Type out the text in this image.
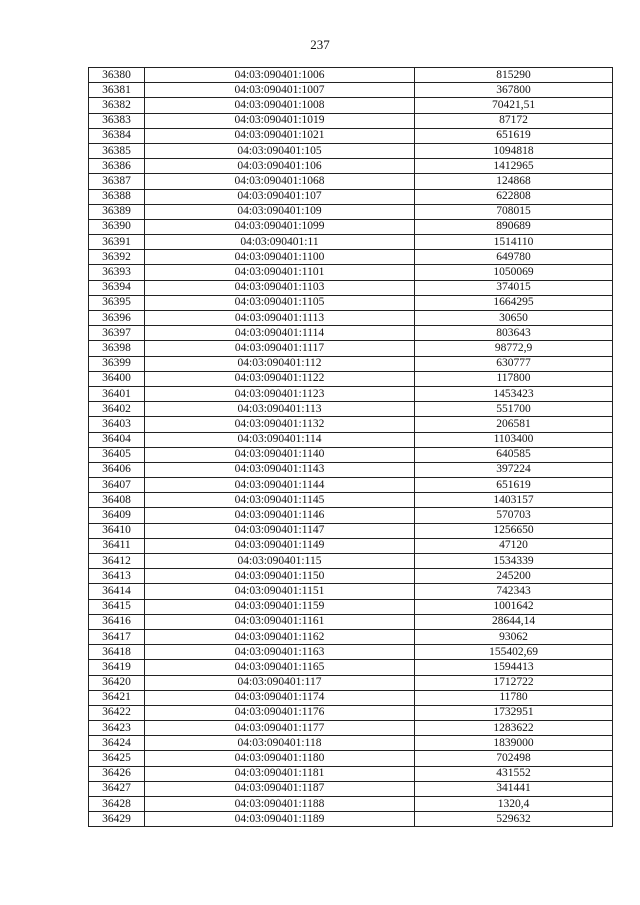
237
36380	04:03:090401:1006	815290
36381	04:03:090401:1007	367800
36382	04:03:090401:1008	70421,51
36383	04:03:090401:1019	87172
36384	04:03:090401:1021	651619
36385	04:03:090401:105	1094818
36386	04:03:090401:106	1412965
36387	04:03:090401:1068	124868
36388	04:03:090401:107	622808
36389	04:03:090401:109	708015
36390	04:03:090401:1099	890689
36391	04:03:090401:11	1514110
36392	04:03:090401:1100	649780
36393	04:03:090401:1101	1050069
36394	04:03:090401:1103	374015
36395	04:03:090401:1105	1664295
36396	04:03:090401:1113	30650
36397	04:03:090401:1114	803643
36398	04:03:090401:1117	98772,9
36399	04:03:090401:112	630777
36400	04:03:090401:1122	117800
36401	04:03:090401:1123	1453423
36402	04:03:090401:113	551700
36403	04:03:090401:1132	206581
36404	04:03:090401:114	1103400
36405	04:03:090401:1140	640585
36406	04:03:090401:1143	397224
36407	04:03:090401:1144	651619
36408	04:03:090401:1145	1403157
36409	04:03:090401:1146	570703
36410	04:03:090401:1147	1256650
36411	04:03:090401:1149	47120
36412	04:03:090401:115	1534339
36413	04:03:090401:1150	245200
36414	04:03:090401:1151	742343
36415	04:03:090401:1159	1001642
36416	04:03:090401:1161	28644,14
36417	04:03:090401:1162	93062
36418	04:03:090401:1163	155402,69
36419	04:03:090401:1165	1594413
36420	04:03:090401:117	1712722
36421	04:03:090401:1174	11780
36422	04:03:090401:1176	1732951
36423	04:03:090401:1177	1283622
36424	04:03:090401:118	1839000
36425	04:03:090401:1180	702498
36426	04:03:090401:1181	431552
36427	04:03:090401:1187	341441
36428	04:03:090401:1188	1320,4
36429	04:03:090401:1189	529632
